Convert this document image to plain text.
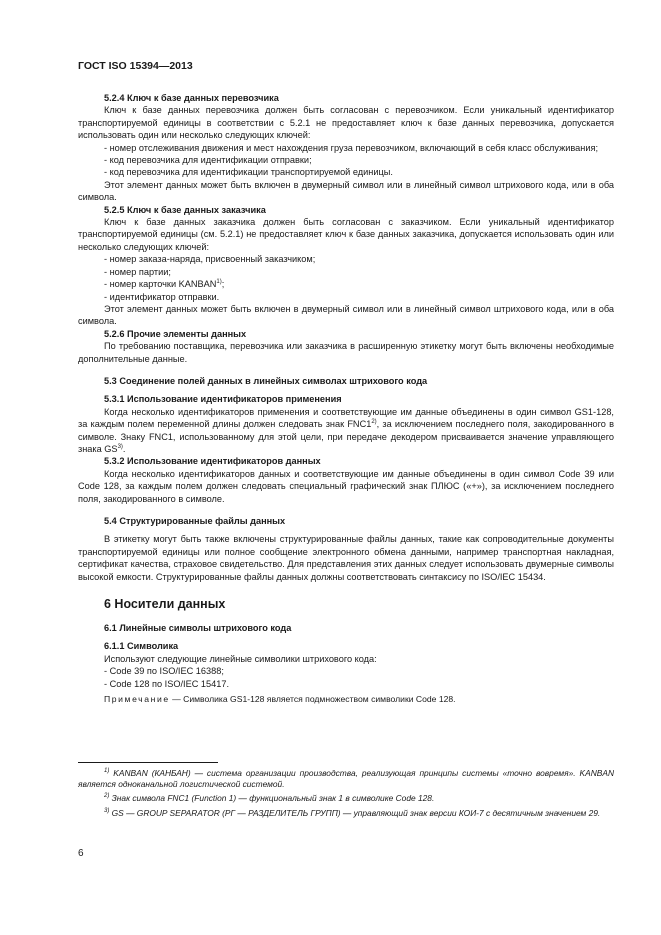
ГОСТ ISO 15394—2013
5.2.4 Ключ к базе данных перевозчика

Ключ к базе данных перевозчика должен быть согласован с перевозчиком. Если уникальный идентификатор транспортируемой единицы в соответствии с 5.2.1 не предоставляет ключ к базе данных перевозчика, допускается использовать один или несколько следующих ключей:

- номер отслеживания движения и мест нахождения груза перевозчиком, включающий в себя класс обслуживания;

- код перевозчика для идентификации отправки;

- код перевозчика для идентификации транспортируемой единицы.

Этот элемент данных может быть включен в двумерный символ или в линейный символ штрихового кода, или в оба символа.

5.2.5 Ключ к базе данных заказчика

Ключ к базе данных заказчика должен быть согласован с заказчиком. Если уникальный идентификатор транспортируемой единицы (см. 5.2.1) не предоставляет ключ к базе данных заказчика, допускается использовать один или несколько следующих ключей:

- номер заказа-наряда, присвоенный заказчиком;

- номер партии;

- номер карточки KANBAN$^{1)}$;

- идентификатор отправки.

Этот элемент данных может быть включен в двумерный символ или в линейный символ штрихового кода, или в оба символа.

5.2.6 Прочие элементы данных

По требованию поставщика, перевозчика или заказчика в расширенную этикетку могут быть включены необходимые дополнительные данные.

5.3 Соединение полей данных в линейных символах штрихового кода
5.3.1 Использование идентификаторов применения

Когда несколько идентификаторов применения и соответствующие им данные объединены в один символ GS1-128, за каждым полем переменной длины должен следовать знак FNC1$^{2)}$, за исключением последнего поля, закодированного в символе. Знаку FNC1, использованному для этой цели, при передаче декодером присваивается значение управляющего знака GS$^{3)}$.

5.3.2 Использование идентификаторов данных

Когда несколько идентификаторов данных и соответствующие им данные объединены в один символ Code 39 или Code 128, за каждым полем должен следовать специальный графический знак ПЛЮС («+»), за исключением последнего поля, закодированного в символе.

5.4 Структурированные файлы данных

В этикетку могут быть также включены структурированные файлы данных, такие как сопроводительные документы транспортируемой единицы или полное сообщение электронного обмена данными, например транспортная накладная, сертификат качества, страховое свидетельство. Для представления этих данных следует использовать двумерные символы высокой емкости. Структурированные файлы данных должны соответствовать синтаксису по ISO/IEC 15434.

6 Носители данных
6.1 Линейные символы штрихового кода
6.1.1 Символика

Используют следующие линейные символики штрихового кода:

- Code 39 по ISO/IEC 16388;

- Code 128 по ISO/IEC 15417.

Примечание — Символика GS1-128 является подмножеством символики Code 128.

$^{1)}$ KANBAN (КАНБАН) — система организации производства, реализующая принципы системы «точно вовремя». KANBAN является одноканальной логистической системой.

$^{2)}$ Знак символа FNC1 (Function 1) — функциональный знак 1 в символике Code 128.

$^{3)}$ GS — GROUP SEPARATOR (РГ — РАЗДЕЛИТЕЛЬ ГРУПП) — управляющий знак версии КОИ-7 с десятичным значением 29.

6
